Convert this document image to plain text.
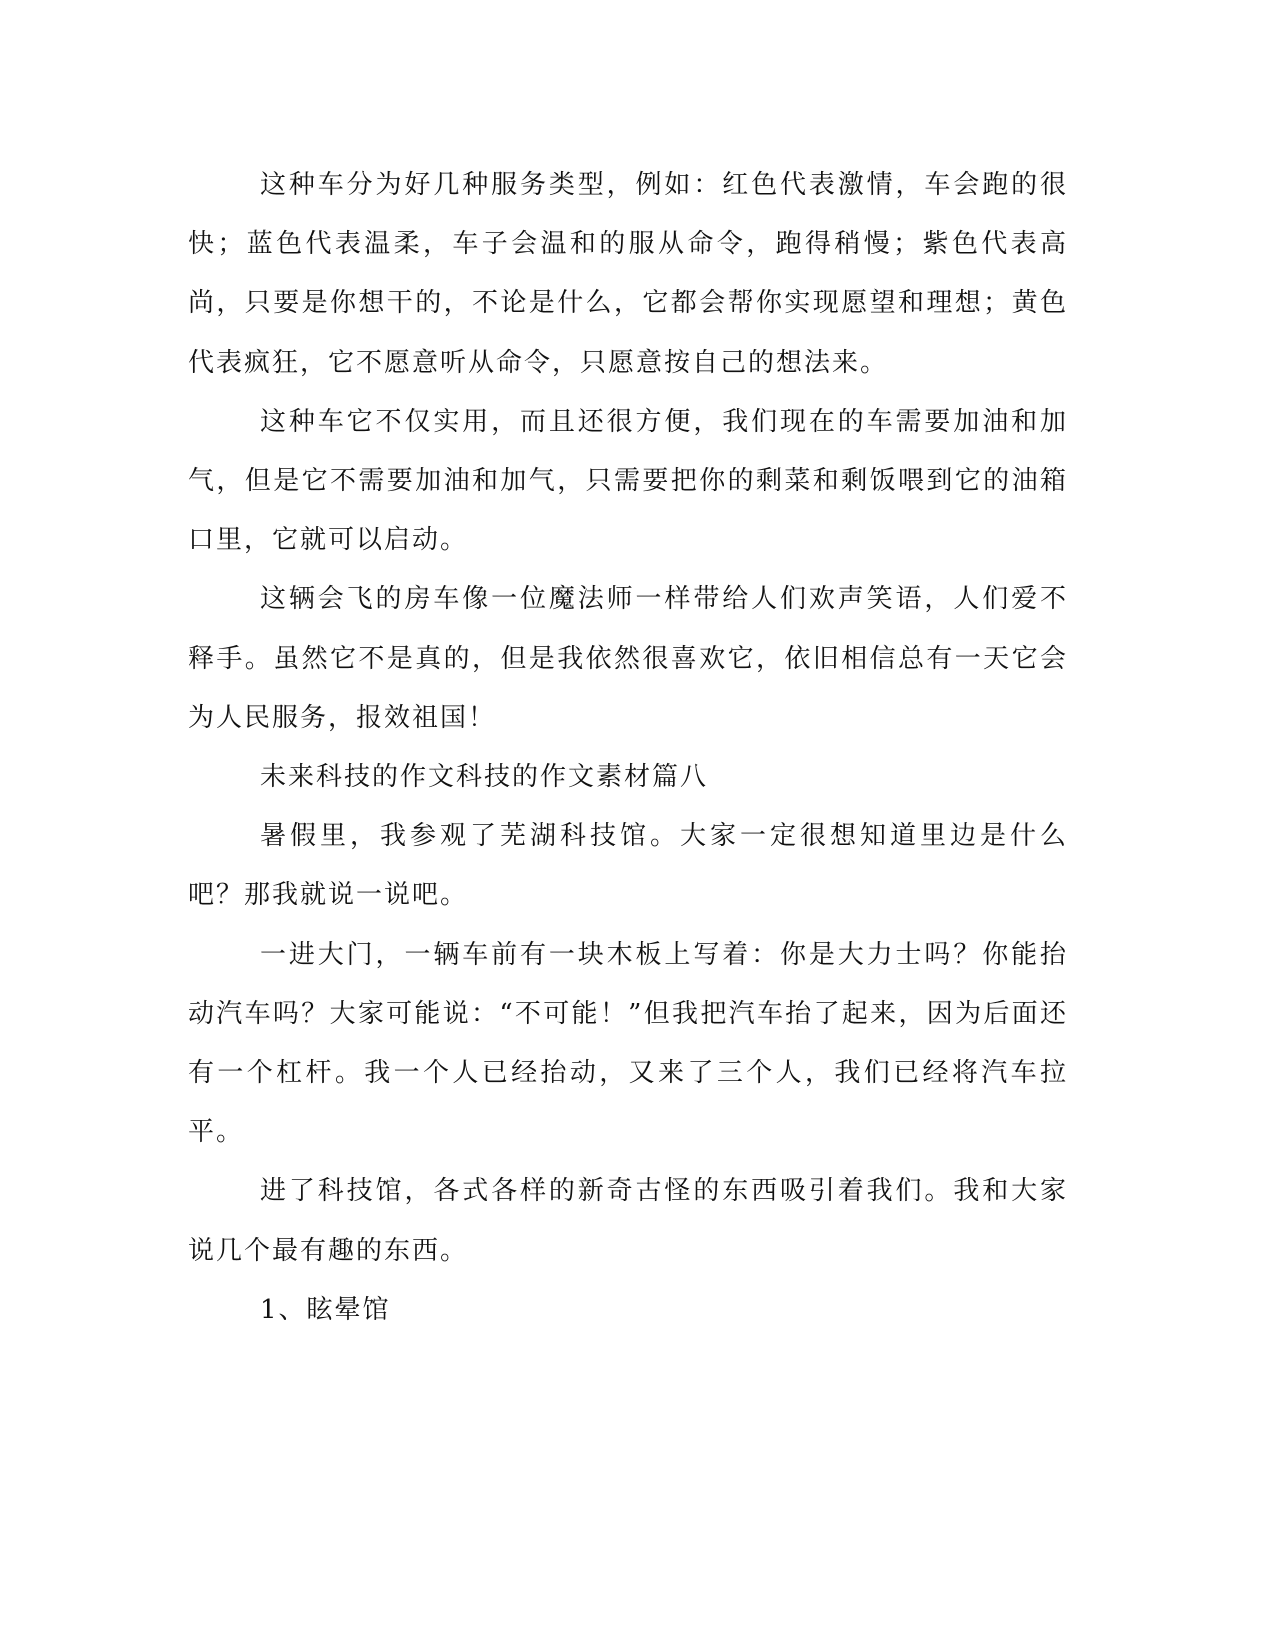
这种车分为好几种服务类型，例如：红色代表激情，车会跑的很快；蓝色代表温柔，车子会温和的服从命令，跑得稍慢；紫色代表高尚，只要是你想干的，不论是什么，它都会帮你实现愿望和理想；黄色代表疯狂，它不愿意听从命令，只愿意按自己的想法来。

这种车它不仅实用，而且还很方便，我们现在的车需要加油和加气，但是它不需要加油和加气，只需要把你的剩菜和剩饭喂到它的油箱口里，它就可以启动。

这辆会飞的房车像一位魔法师一样带给人们欢声笑语，人们爱不释手。虽然它不是真的，但是我依然很喜欢它，依旧相信总有一天它会为人民服务，报效祖国！

未来科技的作文科技的作文素材篇八

暑假里，我参观了芜湖科技馆。大家一定很想知道里边是什么吧？那我就说一说吧。

一进大门，一辆车前有一块木板上写着：你是大力士吗？你能抬动汽车吗？大家可能说：“不可能！”但我把汽车抬了起来，因为后面还有一个杠杆。我一个人已经抬动，又来了三个人，我们已经将汽车拉平。

进了科技馆，各式各样的新奇古怪的东西吸引着我们。我和大家说几个最有趣的东西。

1、眩晕馆
